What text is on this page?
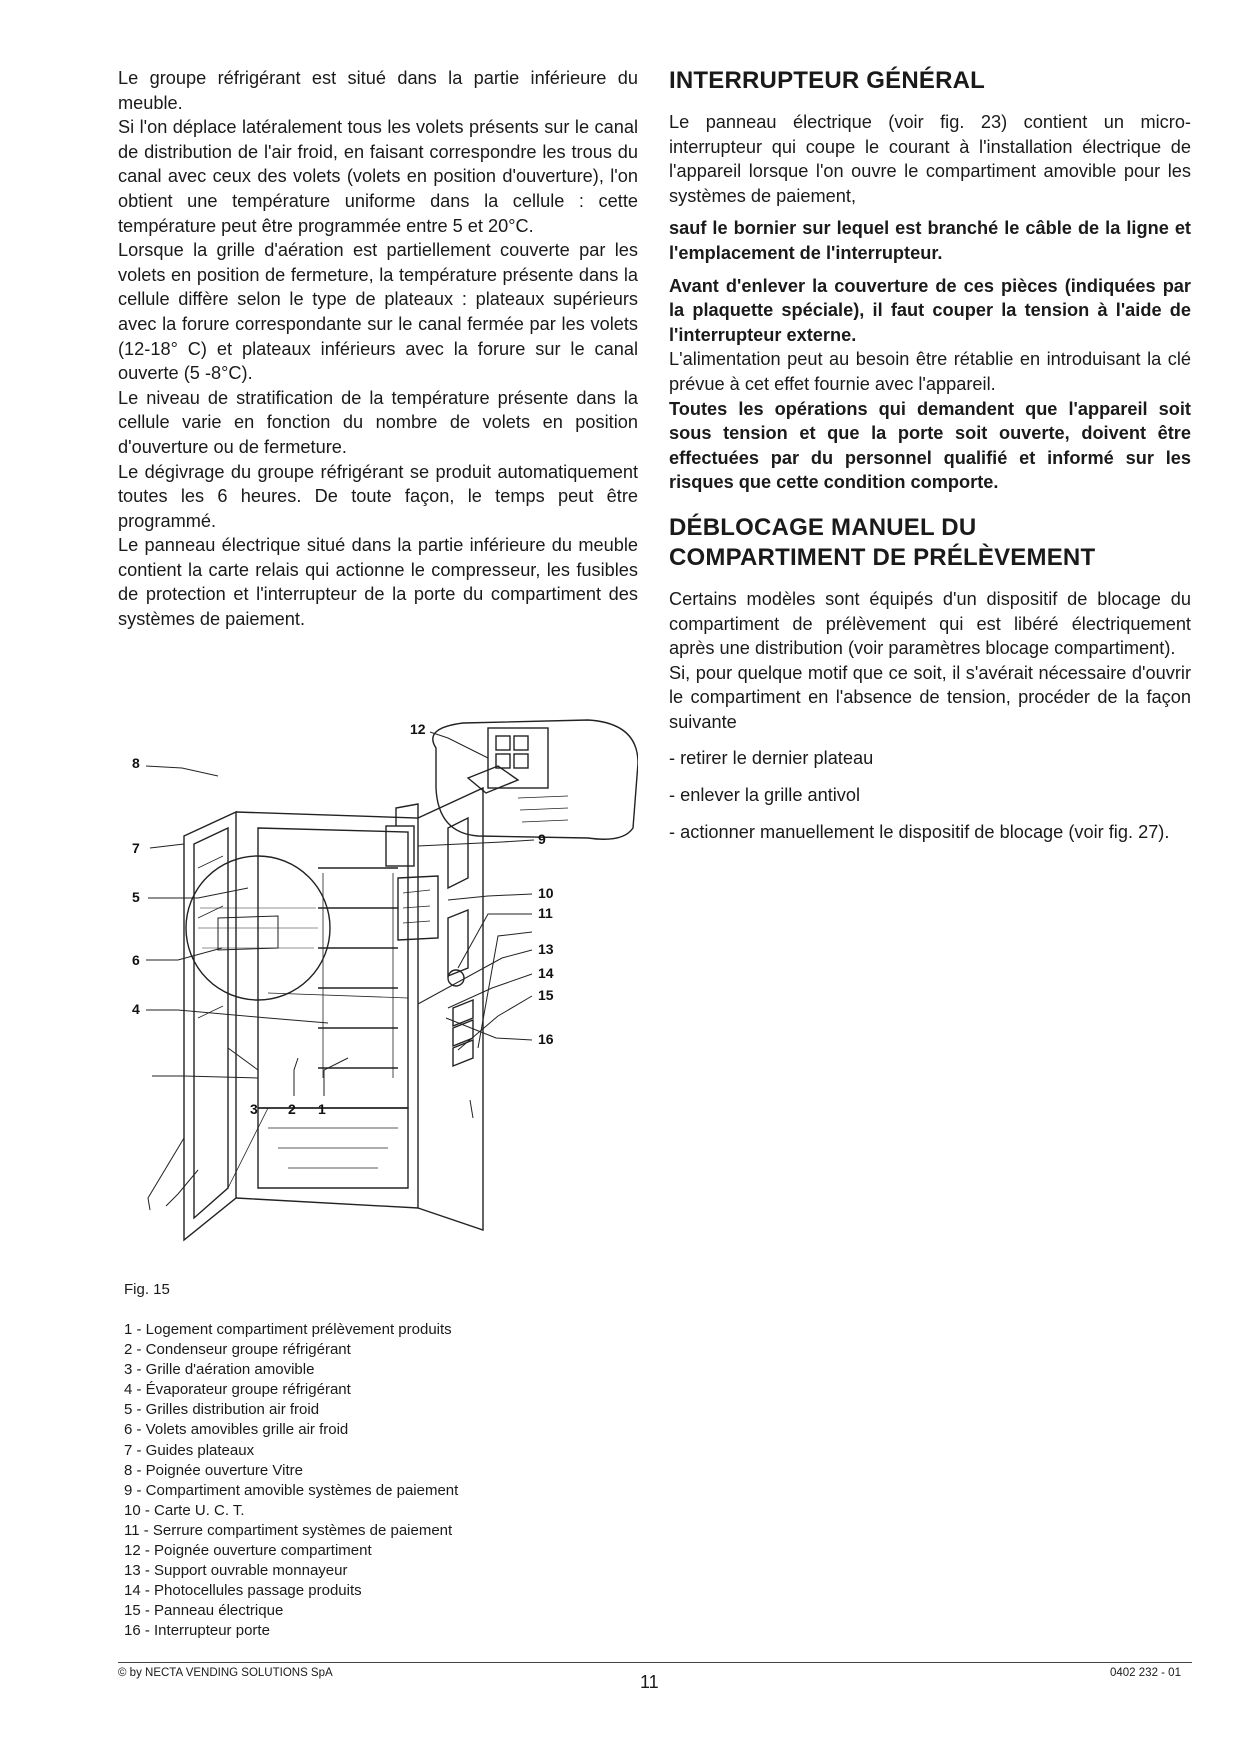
Le groupe réfrigérant est situé dans la partie inférieure du meuble.

Si l'on déplace latéralement tous les volets présents sur le canal de distribution de l'air froid, en faisant correspondre les trous du canal avec ceux des volets (volets en position d'ouverture), l'on obtient une température uniforme dans la cellule : cette température peut être programmée entre 5 et 20°C.

Lorsque la grille d'aération est partiellement couverte par les volets en position de fermeture, la température présente dans la cellule diffère selon le type de plateaux : plateaux supérieurs avec la forure correspondante sur le canal fermée par les volets (12-18° C) et plateaux inférieurs avec la forure sur le canal ouverte (5 -8°C).

Le niveau de stratification de la température présente dans la cellule varie en fonction du nombre de volets en position d'ouverture ou de fermeture.

Le dégivrage du groupe réfrigérant se produit automatiquement toutes les 6 heures. De toute façon, le temps peut être programmé.

Le panneau électrique situé dans la partie inférieure du meuble contient la carte relais qui actionne le compresseur, les fusibles de protection et l'interrupteur de la porte du compartiment des systèmes de paiement.

INTERRUPTEUR GÉNÉRAL

Le panneau électrique (voir fig. 23) contient un micro-interrupteur qui coupe le courant à l'installation électrique de l'appareil lorsque l'on ouvre le compartiment amovible pour les systèmes de paiement,

sauf le bornier sur lequel est branché le câble de la ligne et l'emplacement de l'interrupteur.

Avant d'enlever la couverture de ces pièces (indiquées par la plaquette spéciale), il faut couper la tension à l'aide de l'interrupteur externe.

L'alimentation peut au besoin être rétablie en introduisant la clé prévue à cet effet fournie avec l'appareil.

Toutes les opérations qui demandent que l'appareil soit sous tension et que la porte soit ouverte, doivent être effectuées par du personnel qualifié et informé sur les risques que cette condition comporte.

DÉBLOCAGE MANUEL DU
COMPARTIMENT DE PRÉLÈVEMENT

Certains modèles sont équipés d'un dispositif de blocage du compartiment de prélèvement qui est libéré électriquement après une distribution (voir paramètres blocage compartiment).

Si, pour quelque motif que ce soit, il s'avérait nécessaire d'ouvrir le compartiment en l'absence de tension, procéder de la façon suivante

- retirer le dernier plateau

- enlever la grille antivol

- actionner manuellement le dispositif de blocage (voir fig. 27).

8
7
5
6
4
12
9
10
11
13
14
15
16
3 2 1
Fig. 15
1 - Logement compartiment prélèvement produits
2 - Condenseur groupe réfrigérant
3 - Grille d'aération amovible
4 - Évaporateur groupe réfrigérant
5 - Grilles distribution air froid
6 - Volets amovibles grille air froid
7 - Guides plateaux
8 - Poignée ouverture Vitre
9 - Compartiment amovible systèmes de paiement
10 - Carte U. C. T.
11 - Serrure compartiment systèmes de paiement
12 - Poignée ouverture compartiment
13 - Support ouvrable monnayeur
14 - Photocellules passage produits
15 - Panneau électrique
16 - Interrupteur porte
© by NECTA VENDING SOLUTIONS SpA	11	0402 232 - 01
